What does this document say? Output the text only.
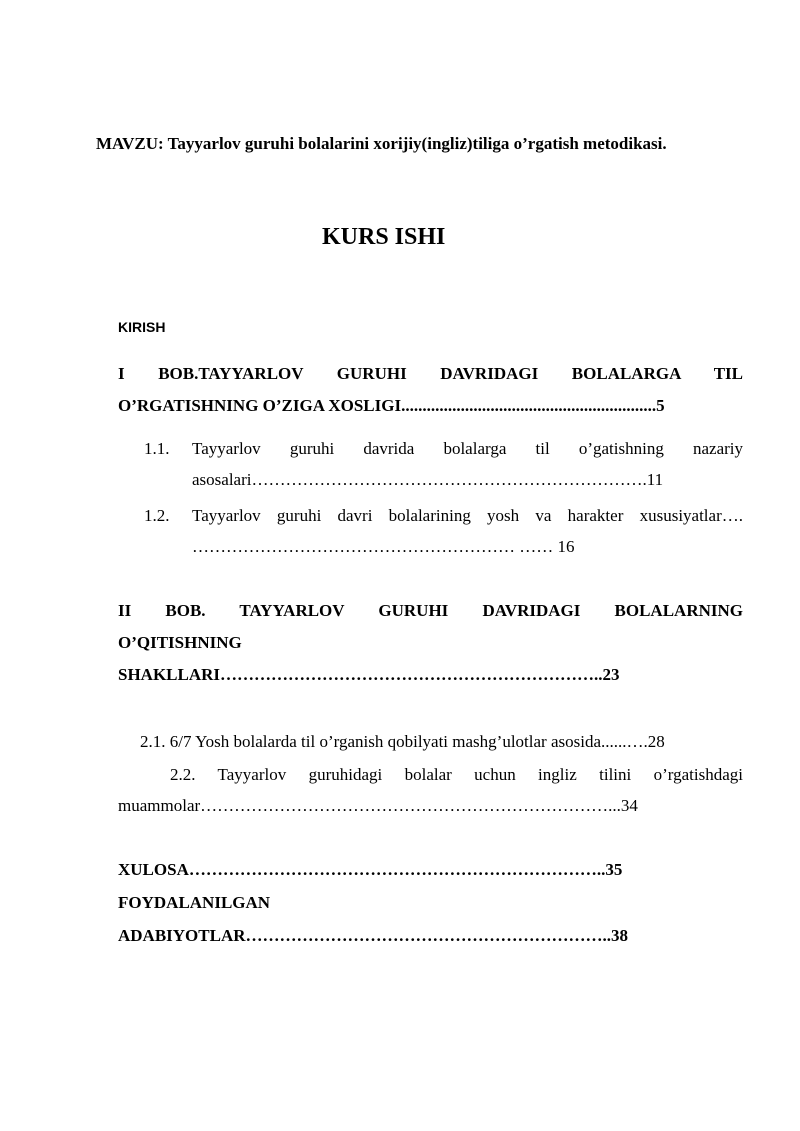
MAVZU: Tayyarlov guruhi bolalarini xorijiy(ingliz)tiliga o’rgatish metodikasi.
KURS ISHI
KIRISH
I BOB.TAYYARLOV GURUHI DAVRIDAGI BOLALARGA TIL
O’RGATISHNING O’ZIGA XOSLIGI............................................................5
1.1. Tayyarlov guruhi davrida bolalarga til o’gatishning nazariy
asosalari…………………………………………………………….11
1.2. Tayyarlov guruhi davri bolalarining yosh va harakter xususiyatlar….
………………………………………………… …… 16
II BOB. TAYYARLOV GURUHI DAVRIDAGI BOLALARNING
O’QITISHNING
SHAKLLARI…………………………………………………………..23
2.1. 6/7 Yosh bolalarda til o’rganish qobilyati mashg’ulotlar asosida......….28
2.2. Tayyarlov guruhidagi bolalar uchun ingliz tilini o’rgatishdagi
muammolar………………………………………………………………...34
XULOSA………………………………………………………………..35
FOYDALANILGAN
ADABIYOTLAR………………………………………………………..38
